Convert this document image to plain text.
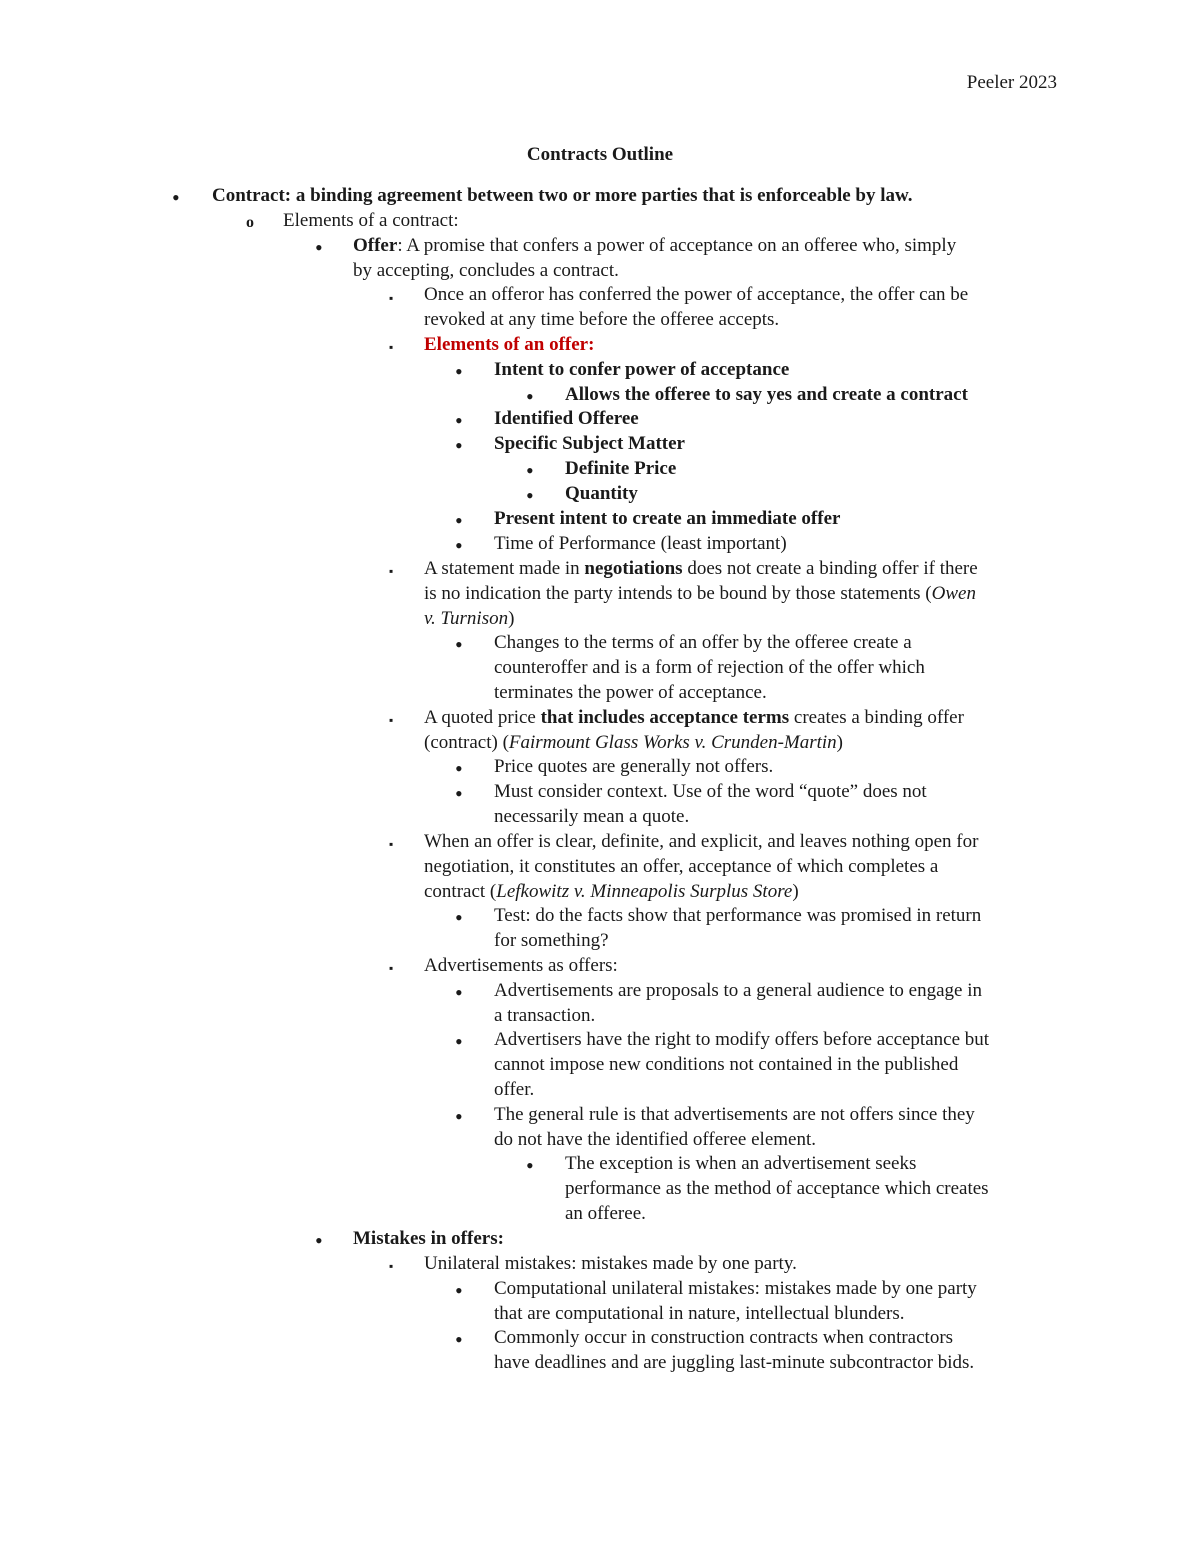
Peeler 2023

Contracts Outline
•	Contract: a binding agreement between two or more parties that is enforceable by law.

o	Elements of a contract:

•	Offer: A promise that confers a power of acceptance on an offeree who, simply

by accepting, concludes a contract.

▪	Once an offeror has conferred the power of acceptance, the offer can be

revoked at any time before the offeree accepts.

▪	Elements of an offer:

•	Intent to confer power of acceptance

•	Allows the offeree to say yes and create a contract

•	Identified Offeree

•	Specific Subject Matter

•	Definite Price

•	Quantity

•	Present intent to create an immediate offer

•	Time of Performance (least important)

▪	A statement made in negotiations does not create a binding offer if there

is no indication the party intends to be bound by those statements (Owen

v. Turnison)

•	Changes to the terms of an offer by the offeree create a

counteroffer and is a form of rejection of the offer which

terminates the power of acceptance.

▪	A quoted price that includes acceptance terms creates a binding offer

(contract) (Fairmount Glass Works v. Crunden-Martin)

•	Price quotes are generally not offers.

•	Must consider context. Use of the word “quote” does not

necessarily mean a quote.

▪	When an offer is clear, definite, and explicit, and leaves nothing open for

negotiation, it constitutes an offer, acceptance of which completes a

contract (Lefkowitz v. Minneapolis Surplus Store)

•	Test: do the facts show that performance was promised in return

for something?

▪	Advertisements as offers:

•	Advertisements are proposals to a general audience to engage in

a transaction.

•	Advertisers have the right to modify offers before acceptance but

cannot impose new conditions not contained in the published

offer.

•	The general rule is that advertisements are not offers since they

do not have the identified offeree element.

•	The exception is when an advertisement seeks

performance as the method of acceptance which creates

an offeree.

•	Mistakes in offers:

▪	Unilateral mistakes: mistakes made by one party.

•	Computational unilateral mistakes: mistakes made by one party

that are computational in nature, intellectual blunders.

•	Commonly occur in construction contracts when contractors

have deadlines and are juggling last-minute subcontractor bids.
